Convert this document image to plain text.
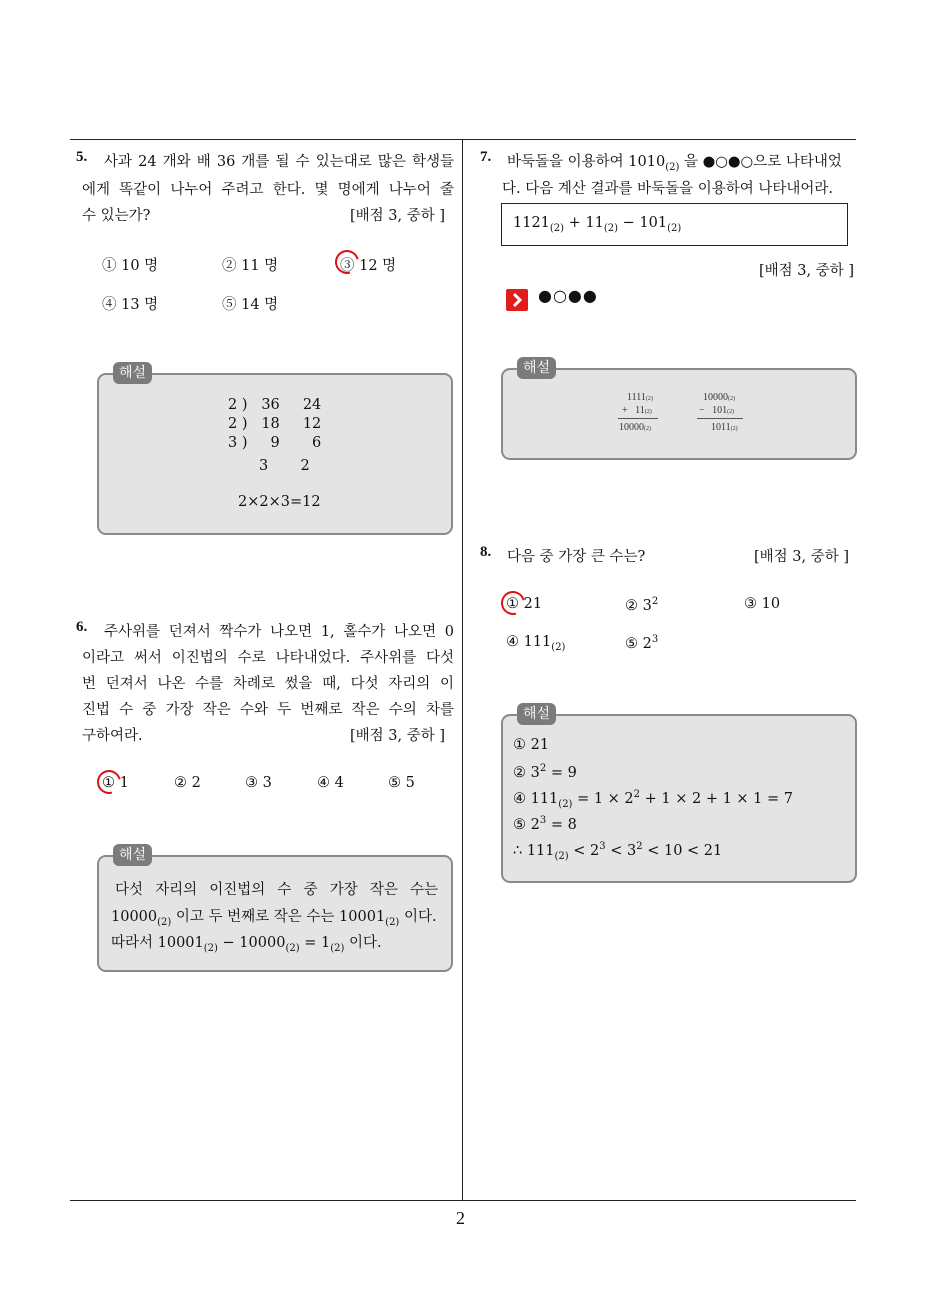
2
5. 사과 24 개와 배 36 개를 될 수 있는대로 많은 학생들
에게 똑같이 나누어 주려고 한다. 몇 명에게 나누어 줄
수 있는가?	[배점 3, 중하 ]
① 10 명	② 11 명	③ 12 명
④ 13 명	⑤ 14 명
해설
2 )   36     24
2 )   18     12
3 )     9       6
3       2
2×2×3=12
6. 주사위를 던져서 짝수가 나오면 1, 홀수가 나오면 0
이라고 써서 이진법의 수로 나타내었다. 주사위를 다섯
번 던져서 나온 수를 차례로 썼을 때, 다섯 자리의 이
진법 수 중 가장 작은 수와 두 번째로 작은 수의 차를
구하여라.	[배점 3, 중하 ]
① 1	② 2	③ 3	④ 4	⑤ 5
해설
다섯 자리의 이진법의 수 중 가장 작은 수는
$10000_{(2)}$ 이고 두 번째로 작은 수는 $10001_{(2)}$ 이다.
따라서 $10001_{(2)} - 10000_{(2)} = 1_{(2)}$ 이다.
7. 바둑돌을 이용하여 $1010_{(2)}$ 을 ●○●○으로 나타내었
다. 다음 계산 결과를 바둑돌을 이용하여 나타내어라.
$1121_{(2)} + 11_{(2)} - 101_{(2)}$
[배점 3, 중하 ]
●○●●
해설
1111(2)
+   11(2)
10000(2)
10000(2)
−   101(2)
1011(2)
8. 다음 중 가장 큰 수는?	[배점 3, 중하 ]
① 21	② $3^2$	③ 10
④ $111_{(2)}$	⑤ $2^3$
해설
① 21
② $3^2 = 9$
④ $111_{(2)} = 1 \times 2^2 + 1 \times 2 + 1 \times 1 = 7$
⑤ $2^3 = 8$
∴ $111_{(2)} < 2^3 < 3^2 < 10 < 21$
